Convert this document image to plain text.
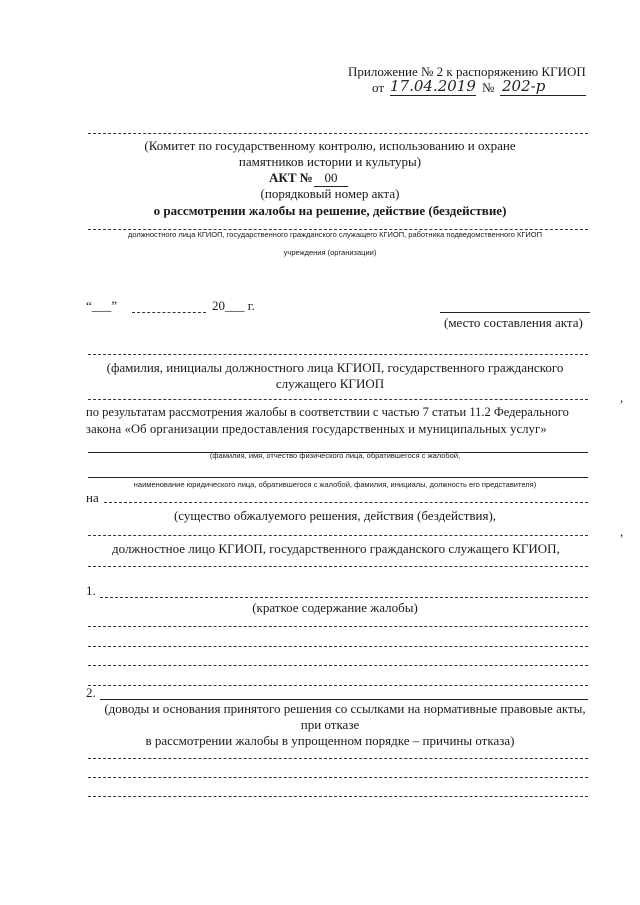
Приложение № 2 к распоряжению КГИОП
от 17.04.2019 № 202-р
(Комитет по государственному контролю, использованию и охране
памятников истории и культуры)
АКТ № 00
(порядковый номер акта)
о рассмотрении жалобы на решение, действие (бездействие)
должностного лица КГИОП, государственного гражданского служащего КГИОП, работника подведомственного КГИОП
учреждения (организации)
“___”	20___ г.
(место составления акта)
(фамилия, инициалы должностного лица КГИОП, государственного гражданского
служащего КГИОП
,
по результатам рассмотрения жалобы в соответствии с частью 7 статьи 11.2 Федерального
закона «Об организации предоставления государственных и муниципальных услуг»
(фамилия, имя, отчество физического лица, обратившегося с жалобой,
наименование юридического лица, обратившегося с жалобой, фамилия, инициалы, должность его представителя)
на
(существо обжалуемого решения, действия (бездействия),
,
должностное лицо КГИОП, государственного гражданского служащего КГИОП,
1.
(краткое содержание жалобы)
2.
(доводы и основания принятого решения со ссылками на нормативные правовые акты,
при отказе
в рассмотрении жалобы в упрощенном порядке – причины отказа)
